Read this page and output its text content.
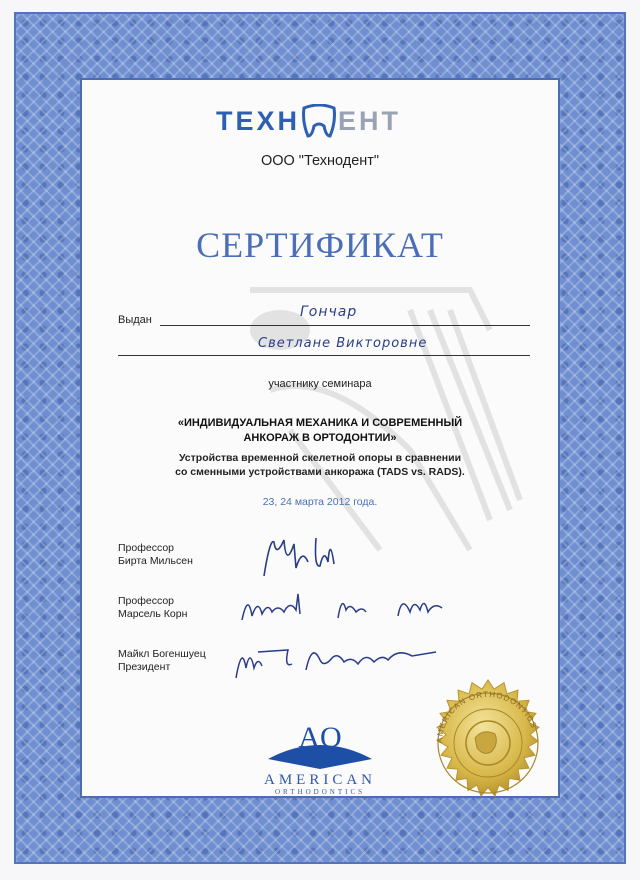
ТЕХН ЕНТ
ООО "Технодент"
СЕРТИФИКАТ
Выдан	Гончар
Светлане Викторовне
участнику семинара
«ИНДИВИДУАЛЬНАЯ МЕХАНИКА И СОВРЕМЕННЫЙ
АНКОРАЖ В ОРТОДОНТИИ»
Устройства временной скелетной опоры в сравнении
со сменными устройствами анкоража (TADS vs. RADS).
23, 24 марта 2012 года.
Профессор
Бирта Мильсен
Профессор
Марсель Корн
Майкл Богеншуец
Президент
AO
AMERICAN
ORTHODONTICS
AMERICAN ORTHODONTICS
